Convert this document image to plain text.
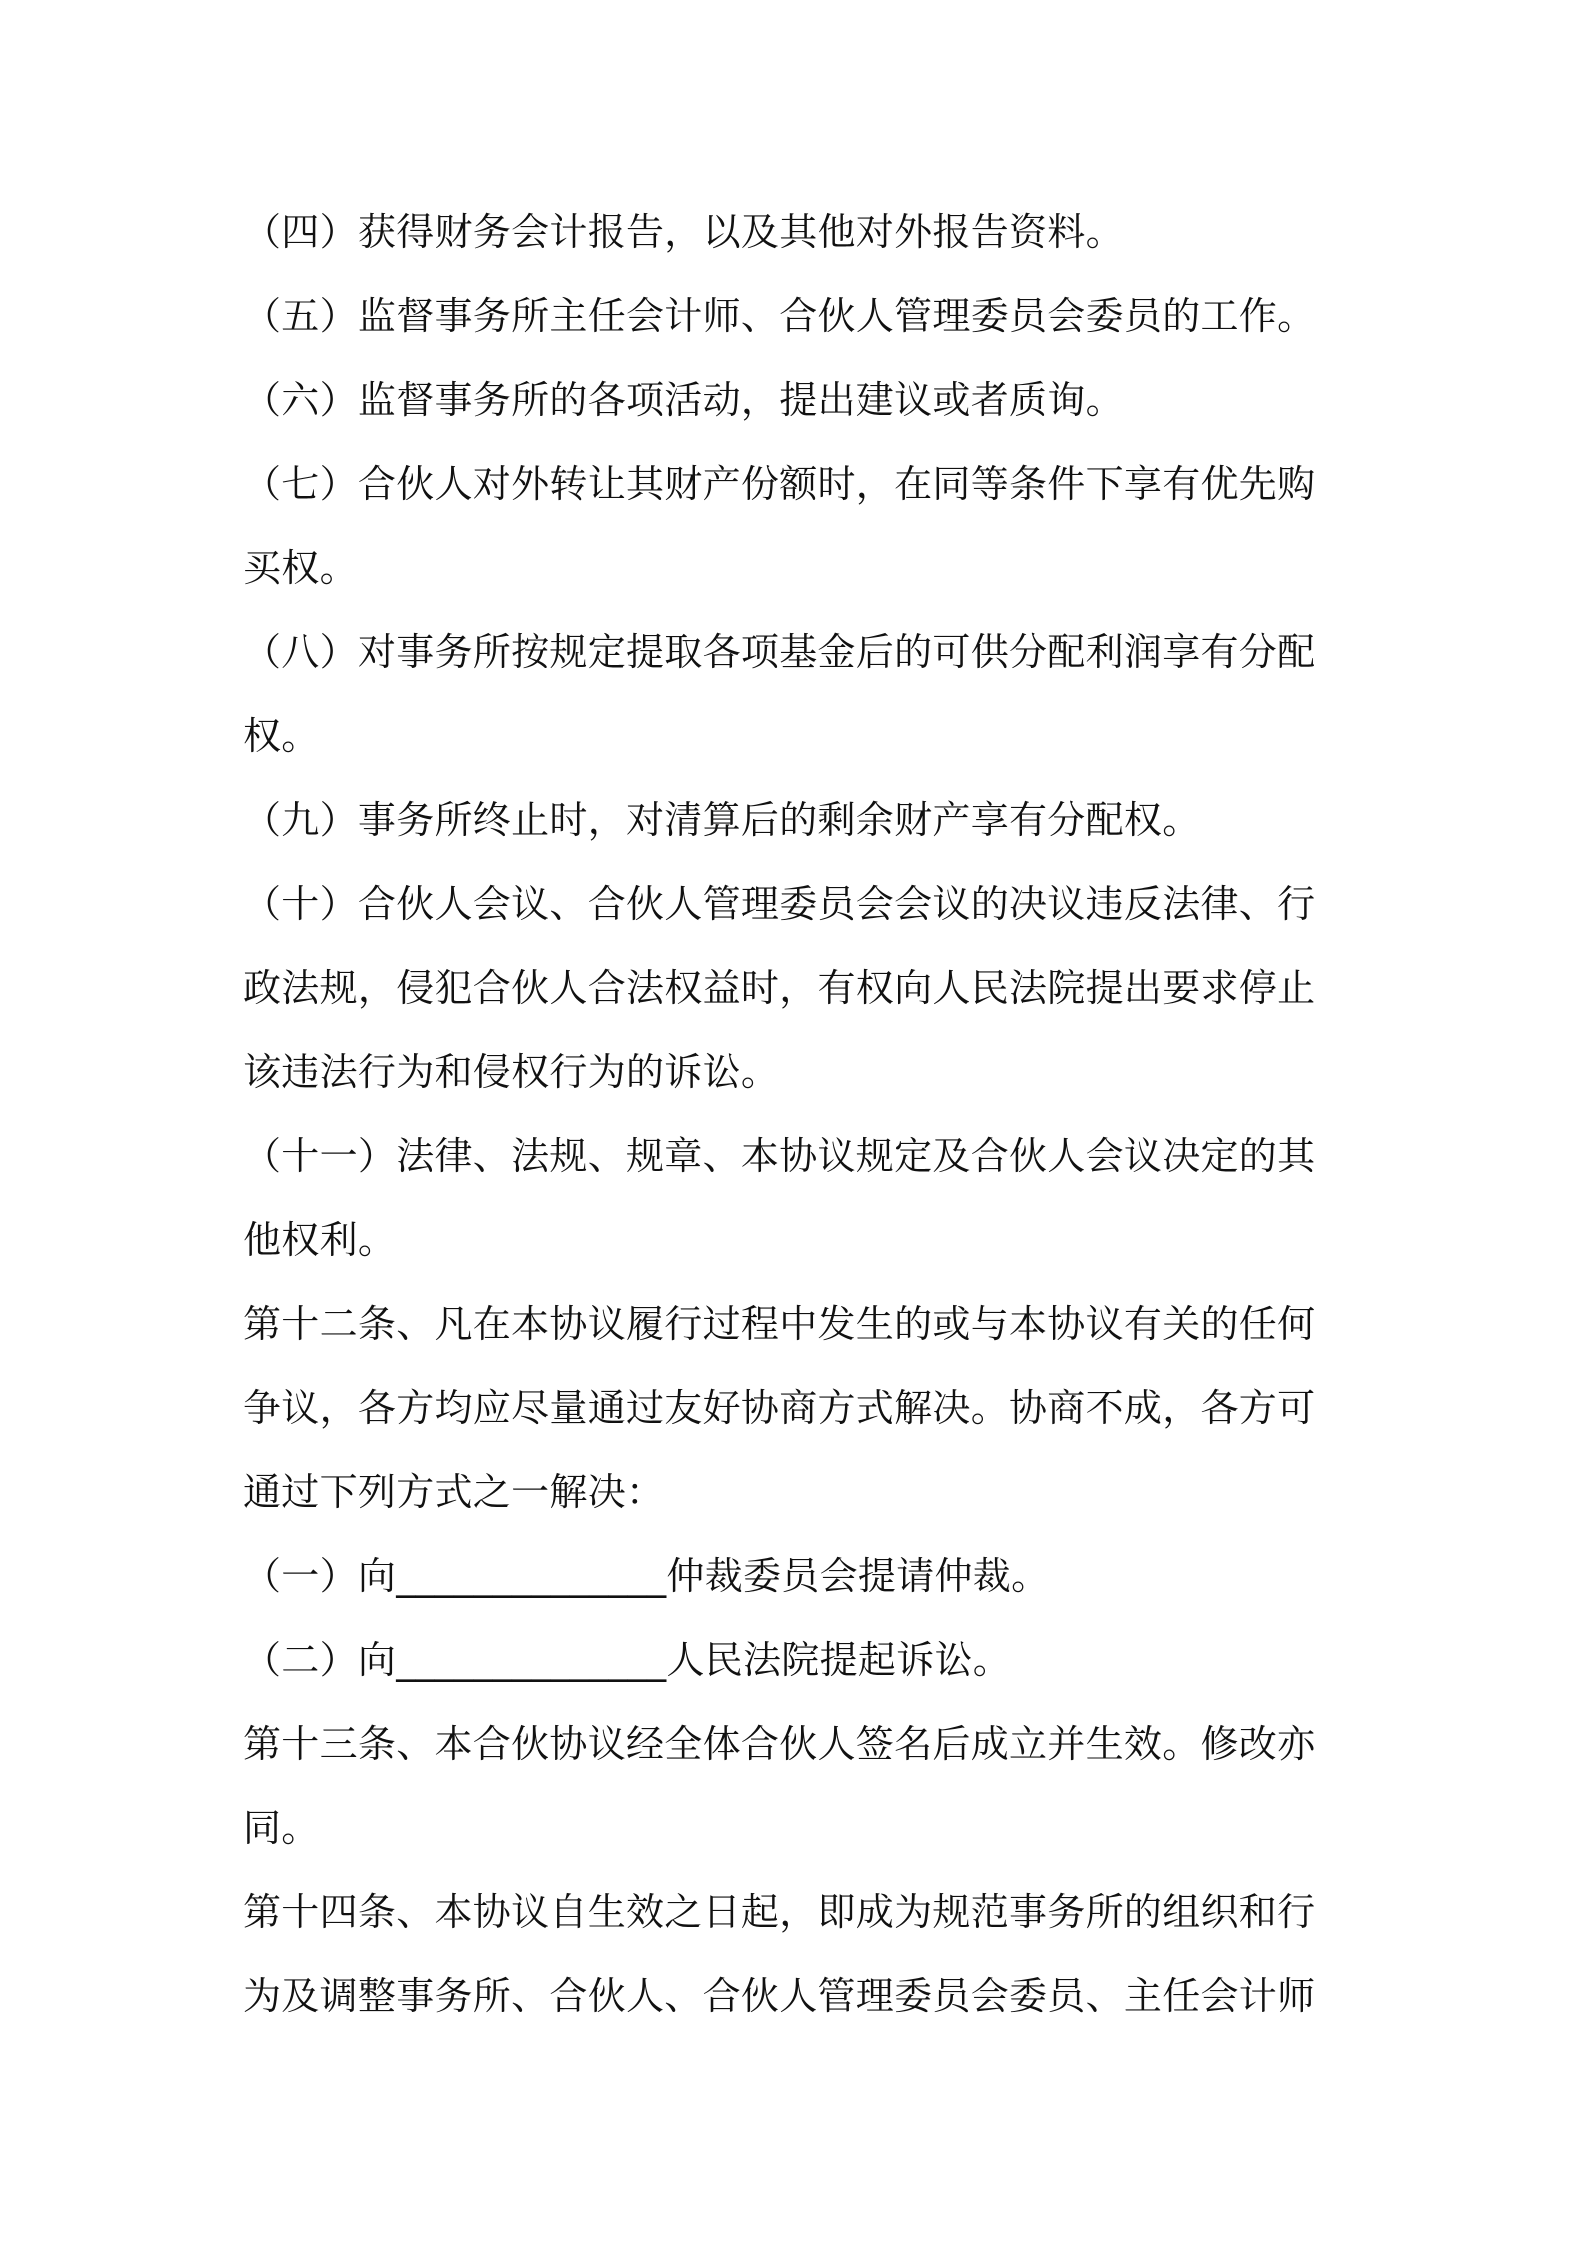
（四）获得财务会计报告，以及其他对外报告资料。
（五）监督事务所主任会计师、合伙人管理委员会委员的工作。
（六）监督事务所的各项活动，提出建议或者质询。
（七）合伙人对外转让其财产份额时，在同等条件下享有优先购
买权。
（八）对事务所按规定提取各项基金后的可供分配利润享有分配
权。
（九）事务所终止时，对清算后的剩余财产享有分配权。
（十）合伙人会议、合伙人管理委员会会议的决议违反法律、行
政法规，侵犯合伙人合法权益时，有权向人民法院提出要求停止
该违法行为和侵权行为的诉讼。
（十一）法律、法规、规章、本协议规定及合伙人会议决定的其
他权利。
第十二条、凡在本协议履行过程中发生的或与本协议有关的任何
争议，各方均应尽量通过友好协商方式解决。协商不成，各方可
通过下列方式之一解决：
（一）向______________仲裁委员会提请仲裁。
（二）向______________人民法院提起诉讼。
第十三条、本合伙协议经全体合伙人签名后成立并生效。修改亦
同。
第十四条、本协议自生效之日起，即成为规范事务所的组织和行
为及调整事务所、合伙人、合伙人管理委员会委员、主任会计师
